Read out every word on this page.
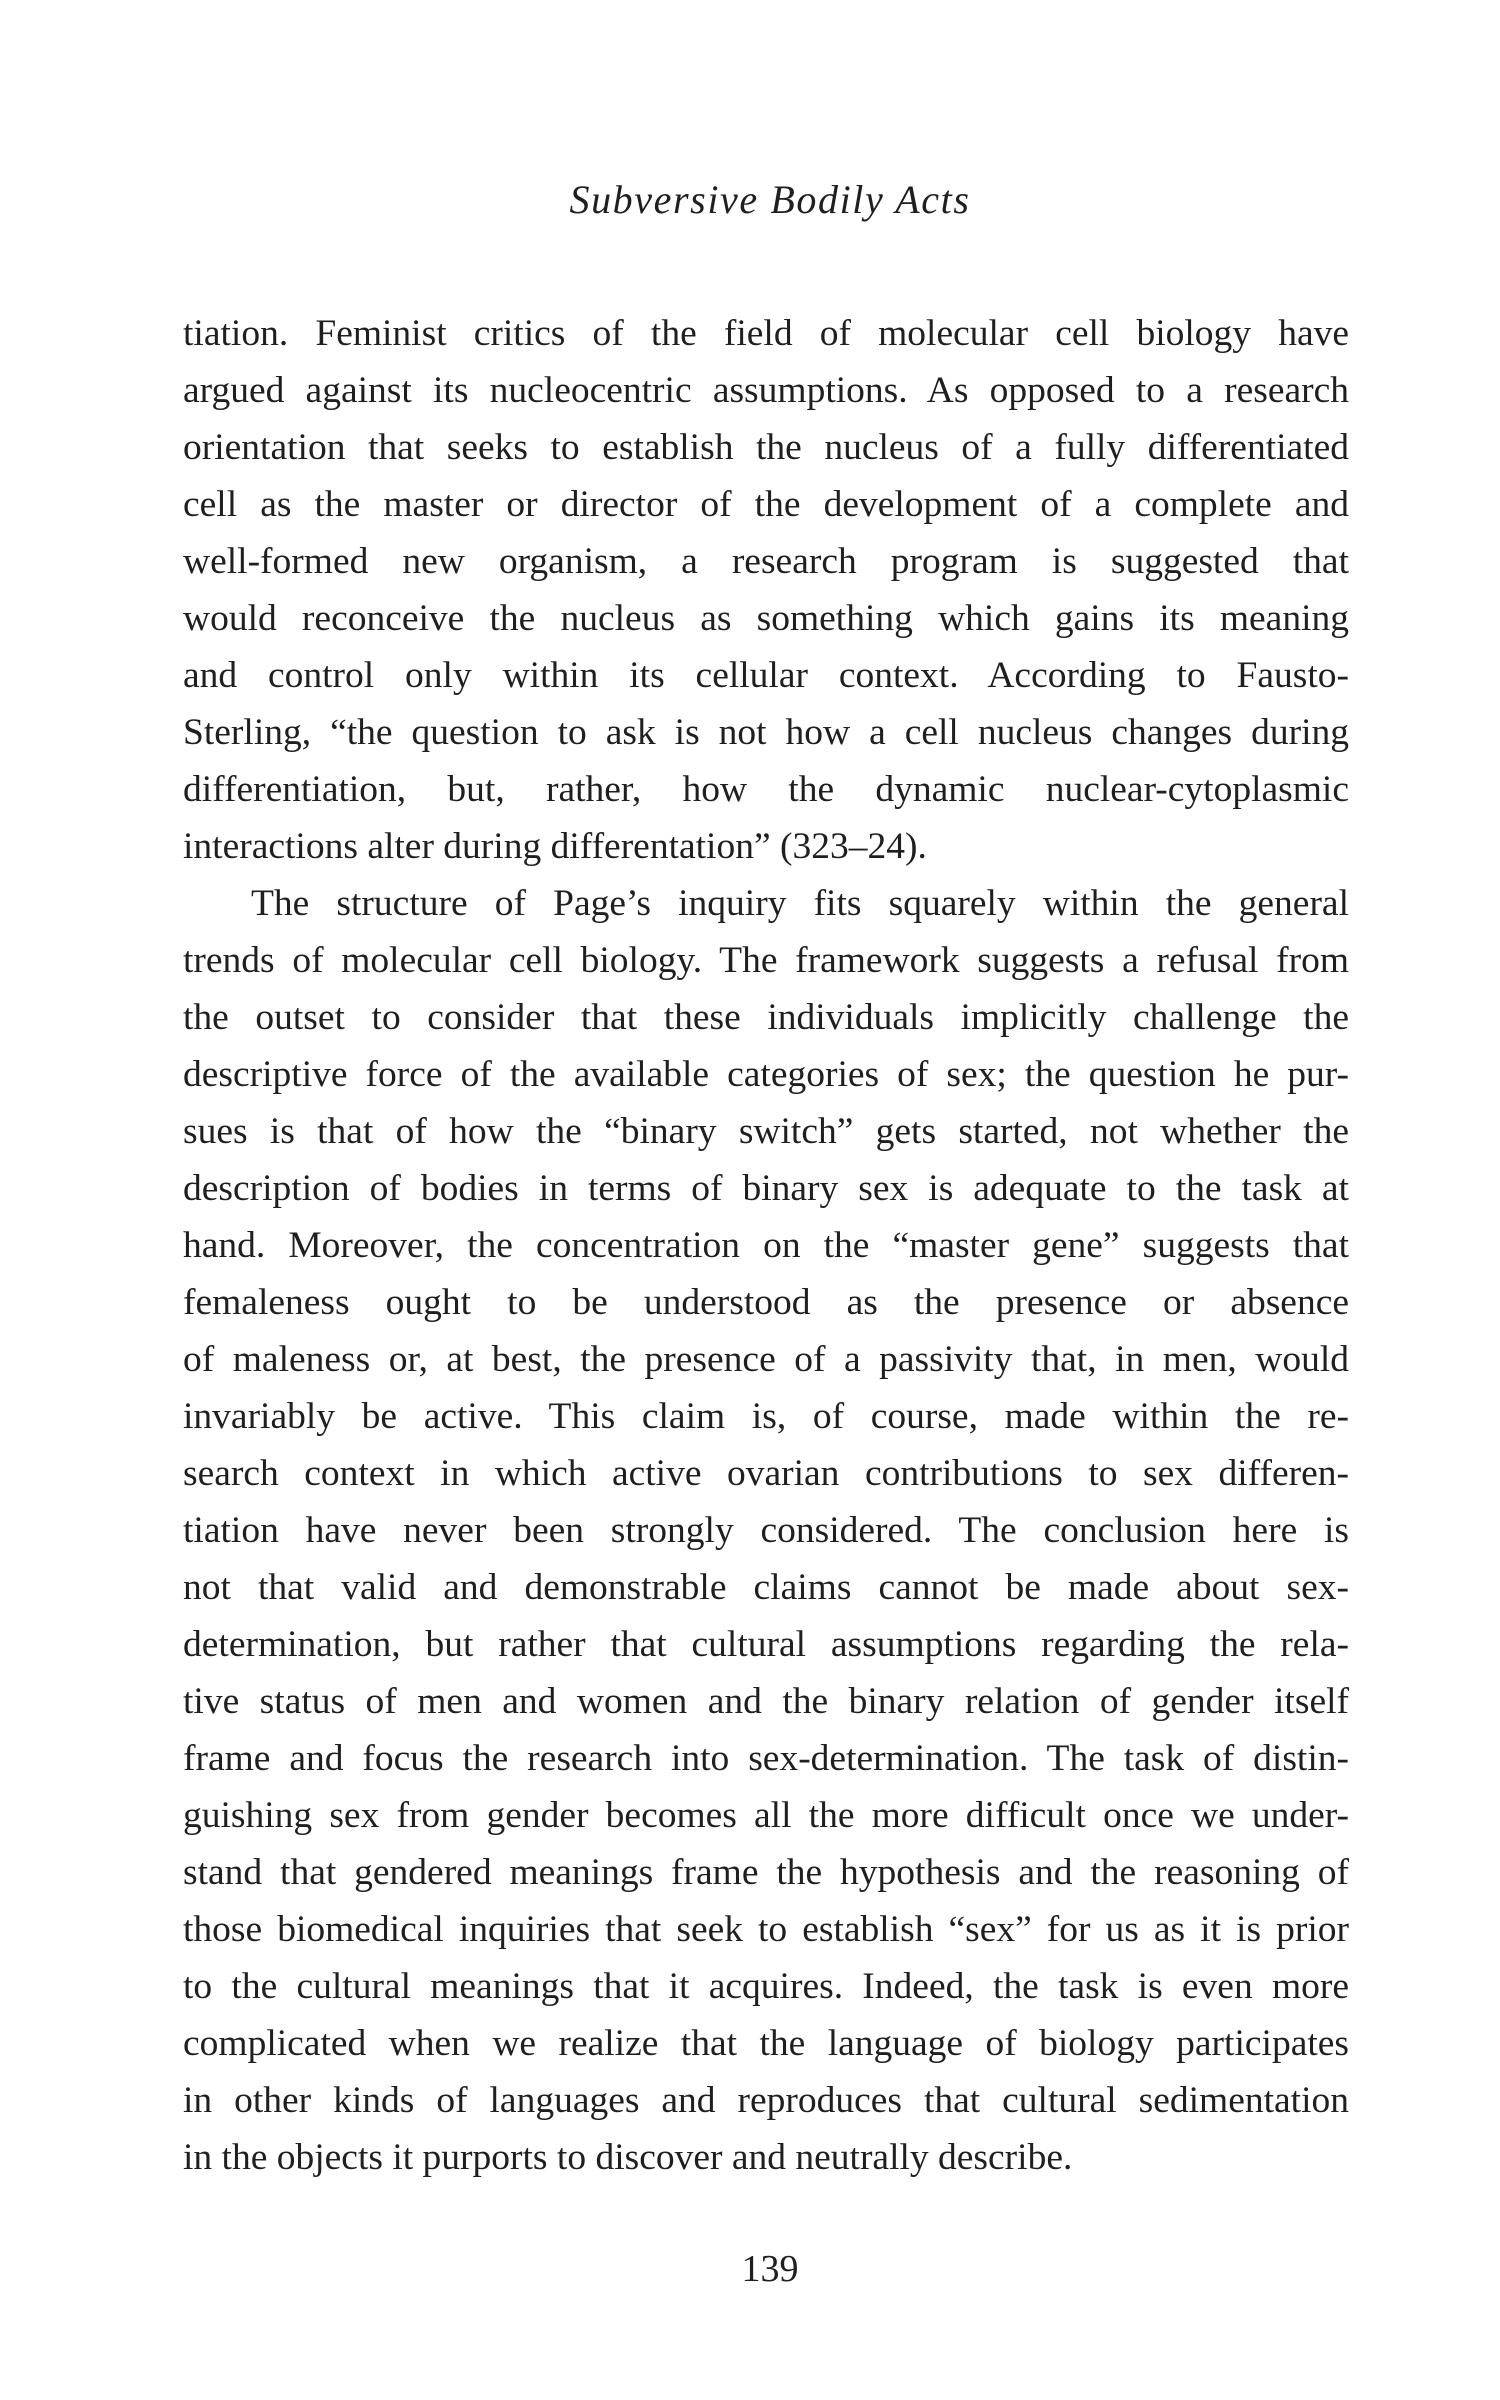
Subversive Bodily Acts

tiation. Feminist critics of the field of molecular cell biology have
argued against its nucleocentric assumptions. As opposed to a research
orientation that seeks to establish the nucleus of a fully differentiated
cell as the master or director of the development of a complete and
well-formed new organism, a research program is suggested that
would reconceive the nucleus as something which gains its meaning
and control only within its cellular context. According to Fausto-
Sterling, “the question to ask is not how a cell nucleus changes during
differentiation, but, rather, how the dynamic nuclear-cytoplasmic
interactions alter during differentation” (323–24).

The structure of Page’s inquiry fits squarely within the general
trends of molecular cell biology. The framework suggests a refusal from
the outset to consider that these individuals implicitly challenge the
descriptive force of the available categories of sex; the question he pur-
sues is that of how the “binary switch” gets started, not whether the
description of bodies in terms of binary sex is adequate to the task at
hand. Moreover, the concentration on the “master gene” suggests that
femaleness ought to be understood as the presence or absence
of maleness or, at best, the presence of a passivity that, in men, would
invariably be active. This claim is, of course, made within the re-
search context in which active ovarian contributions to sex differen-
tiation have never been strongly considered. The conclusion here is
not that valid and demonstrable claims cannot be made about sex-
determination, but rather that cultural assumptions regarding the rela-
tive status of men and women and the binary relation of gender itself
frame and focus the research into sex-determination. The task of distin-
guishing sex from gender becomes all the more difficult once we under-
stand that gendered meanings frame the hypothesis and the reasoning of
those biomedical inquiries that seek to establish “sex” for us as it is prior
to the cultural meanings that it acquires. Indeed, the task is even more
complicated when we realize that the language of biology participates
in other kinds of languages and reproduces that cultural sedimentation
in the objects it purports to discover and neutrally describe.

139
